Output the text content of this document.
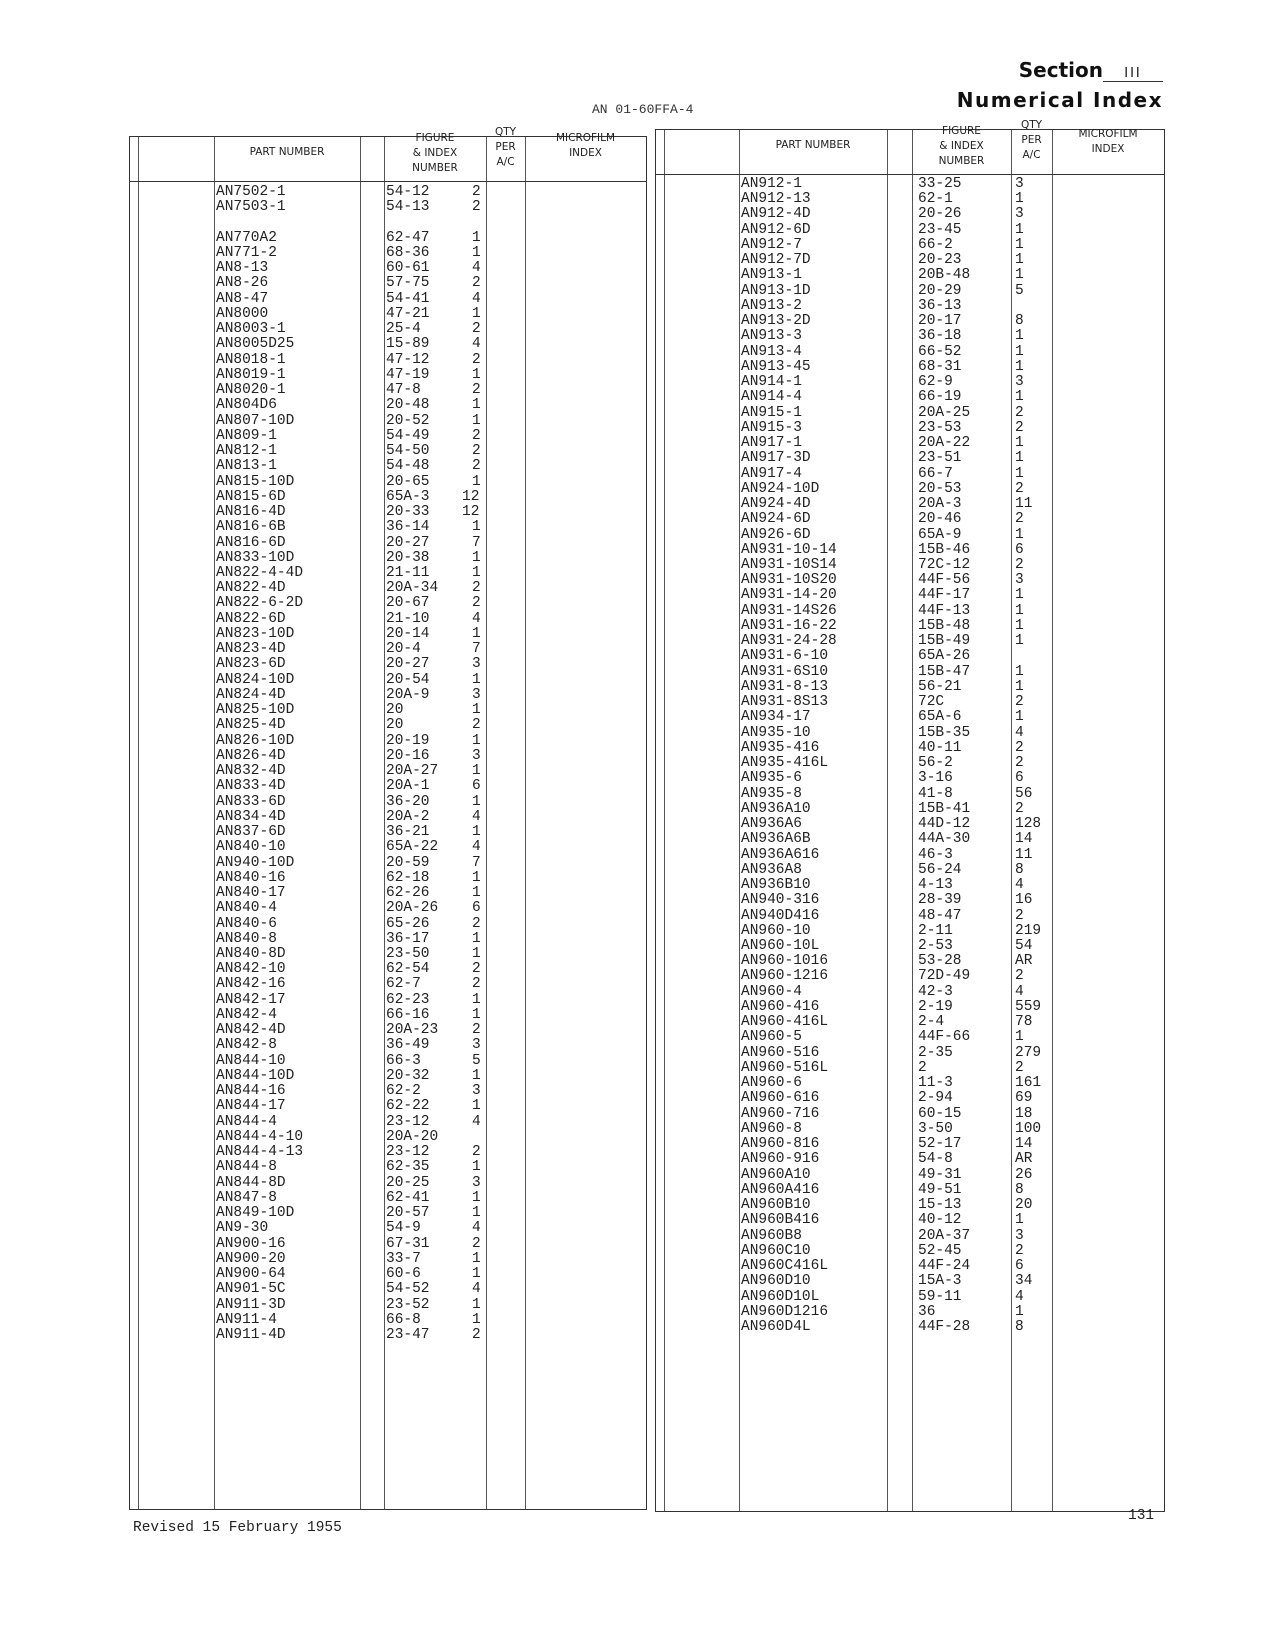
Section III
Numerical Index
AN 01-60FFA-4
PART NUMBER
FIGURE
& INDEX
NUMBER
QTY
PER
A/C
MICROFILM
INDEX
AN7502-1	54-12	2
AN7503-1	54-13	2
AN770A2	62-47	1
AN771-2	68-36	1
AN8-13	60-61	4
AN8-26	57-75	2
AN8-47	54-41	4
AN8000	47-21	1
AN8003-1	25-4	2
AN8005D25	15-89	4
AN8018-1	47-12	2
AN8019-1	47-19	1
AN8020-1	47-8	2
AN804D6	20-48	1
AN807-10D	20-52	1
AN809-1	54-49	2
AN812-1	54-50	2
AN813-1	54-48	2
AN815-10D	20-65	1
AN815-6D	65A-3 12
AN816-4D	20-33 12
AN816-6B	36-14	1
AN816-6D	20-27	7
AN833-10D	20-38	1
AN822-4-4D	21-11	1
AN822-4D	20A-34 2
AN822-6-2D	20-67	2
AN822-6D	21-10	4
AN823-10D	20-14	1
AN823-4D	20-4	7
AN823-6D	20-27	3
AN824-10D	20-54	1
AN824-4D	20A-9	3
AN825-10D	20	1
AN825-4D	20	2
AN826-10D	20-19	1
AN826-4D	20-16	3
AN832-4D	20A-27 1
AN833-4D	20A-1	6
AN833-6D	36-20	1
AN834-4D	20A-2	4
AN837-6D	36-21	1
AN840-10	65A-22 4
AN940-10D	20-59	7
AN840-16	62-18	1
AN840-17	62-26	1
AN840-4	20A-26 6
AN840-6	65-26	2
AN840-8	36-17	1
AN840-8D	23-50	1
AN842-10	62-54	2
AN842-16	62-7	2
AN842-17	62-23	1
AN842-4	66-16	1
AN842-4D	20A-23 2
AN842-8	36-49	3
AN844-10	66-3	5
AN844-10D	20-32	1
AN844-16	62-2	3
AN844-17	62-22	1
AN844-4	23-12	4
AN844-4-10	20A-20
AN844-4-13	23-12	2
AN844-8	62-35	1
AN844-8D	20-25	3
AN847-8	62-41	1
AN849-10D	20-57	1
AN9-30	54-9	4
AN900-16	67-31	2
AN900-20	33-7	1
AN900-64	60-6	1
AN901-5C	54-52	4
AN911-3D	23-52	1
AN911-4	66-8	1
AN911-4D	23-47	2
PART NUMBER
FIGURE
& INDEX
NUMBER
QTY
PER
A/C
MICROFILM
INDEX
AN912-1	33-25	3
AN912-13	62-1	1
AN912-4D	20-26	3
AN912-6D	23-45	1
AN912-7	66-2	1
AN912-7D	20-23	1
AN913-1	20B-48	1
AN913-1D	20-29	5
AN913-2	36-13
AN913-2D	20-17	8
AN913-3	36-18	1
AN913-4	66-52	1
AN913-45	68-31	1
AN914-1	62-9	3
AN914-4	66-19	1
AN915-1	20A-25	2
AN915-3	23-53	2
AN917-1	20A-22	1
AN917-3D	23-51	1
AN917-4	66-7	1
AN924-10D	20-53	2
AN924-4D	20A-3	11
AN924-6D	20-46	2
AN926-6D	65A-9	1
AN931-10-14	15B-46	6
AN931-10S14	72C-12	2
AN931-10S20	44F-56	3
AN931-14-20	44F-17	1
AN931-14S26	44F-13	1
AN931-16-22	15B-48	1
AN931-24-28	15B-49	1
AN931-6-10	65A-26
AN931-6S10	15B-47	1
AN931-8-13	56-21	1
AN931-8S13	72C	2
AN934-17	65A-6	1
AN935-10	15B-35	4
AN935-416	40-11	2
AN935-416L	56-2	2
AN935-6	3-16	6
AN935-8	41-8	56
AN936A10	15B-41	2
AN936A6	44D-12	128
AN936A6B	44A-30	14
AN936A616	46-3	11
AN936A8	56-24	8
AN936B10	4-13	4
AN940-316	28-39	16
AN940D416	48-47	2
AN960-10	2-11	219
AN960-10L	2-53	54
AN960-1016	53-28	AR
AN960-1216	72D-49	2
AN960-4	42-3	4
AN960-416	2-19	559
AN960-416L	2-4	78
AN960-5	44F-66	1
AN960-516	2-35	279
AN960-516L	2	2
AN960-6	11-3	161
AN960-616	2-94	69
AN960-716	60-15	18
AN960-8	3-50	100
AN960-816	52-17	14
AN960-916	54-8	AR
AN960A10	49-31	26
AN960A416	49-51	8
AN960B10	15-13	20
AN960B416	40-12	1
AN960B8	20A-37	3
AN960C10	52-45	2
AN960C416L	44F-24	6
AN960D10	15A-3	34
AN960D10L	59-11	4
AN960D1216	36	1
AN960D4L	44F-28	8
Revised 15 February 1955
131
